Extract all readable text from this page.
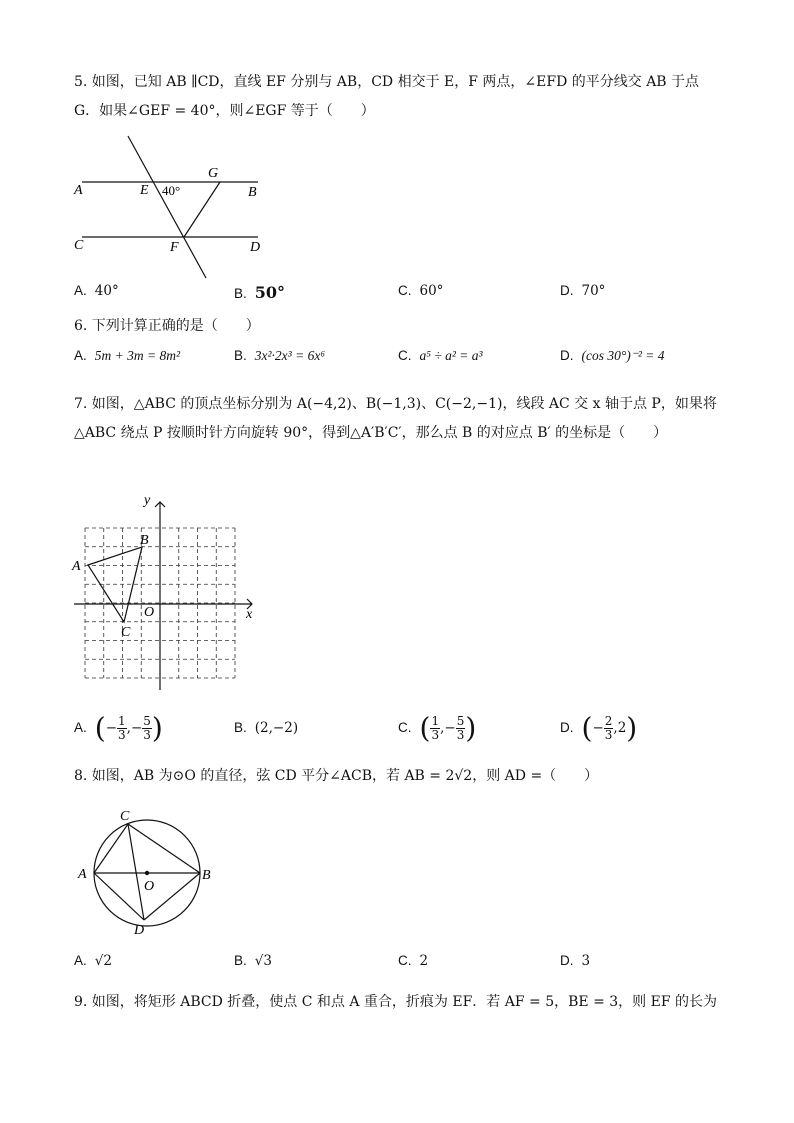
5. 如图，已知 AB ∥CD，直线 EF 分别与 AB，CD 相交于 E，F 两点，∠EFD 的平分线交 AB 于点
G．如果∠GEF = 40°，则∠EGF 等于（　　）
A	E 40°
G
B
C	F	D
A. 40°	B. 50°	C. 60°	D. 70°
6. 下列计算正确的是（　　）
A. 5m + 3m = 8m²	B. 3x²·2x³ = 6x⁶	C. a⁵ ÷ a² = a³	D. (cos 30°)⁻² = 4
7. 如图，△ABC 的顶点坐标分别为 A(−4,2)、B(−1,3)、C(−2,−1)，线段 AC 交 x 轴于点 P，如果将
△ABC 绕点 P 按顺时针方向旋转 90°，得到△A′B′C′，那么点 B 的对应点 B′ 的坐标是（　　）
y
x
O
A
B
C
A. (− $\frac{1}{3}$ ,− $\frac{5}{3}$ )	B. (2,−2)	C. ( $\frac{1}{3}$ ,− $\frac{5}{3}$ )	D. (− $\frac{2}{3} ,2$)
8. 如图，AB 为⊙O 的直径，弦 CD 平分∠ACB，若 AB = 2√2，则 AD =（　　）
C
A
O
B
D
A. √2	B. √3	C. 2	D. 3
9. 如图，将矩形 ABCD 折叠，使点 C 和点 A 重合，折痕为 EF．若 AF = 5，BE = 3，则 EF 的长为
